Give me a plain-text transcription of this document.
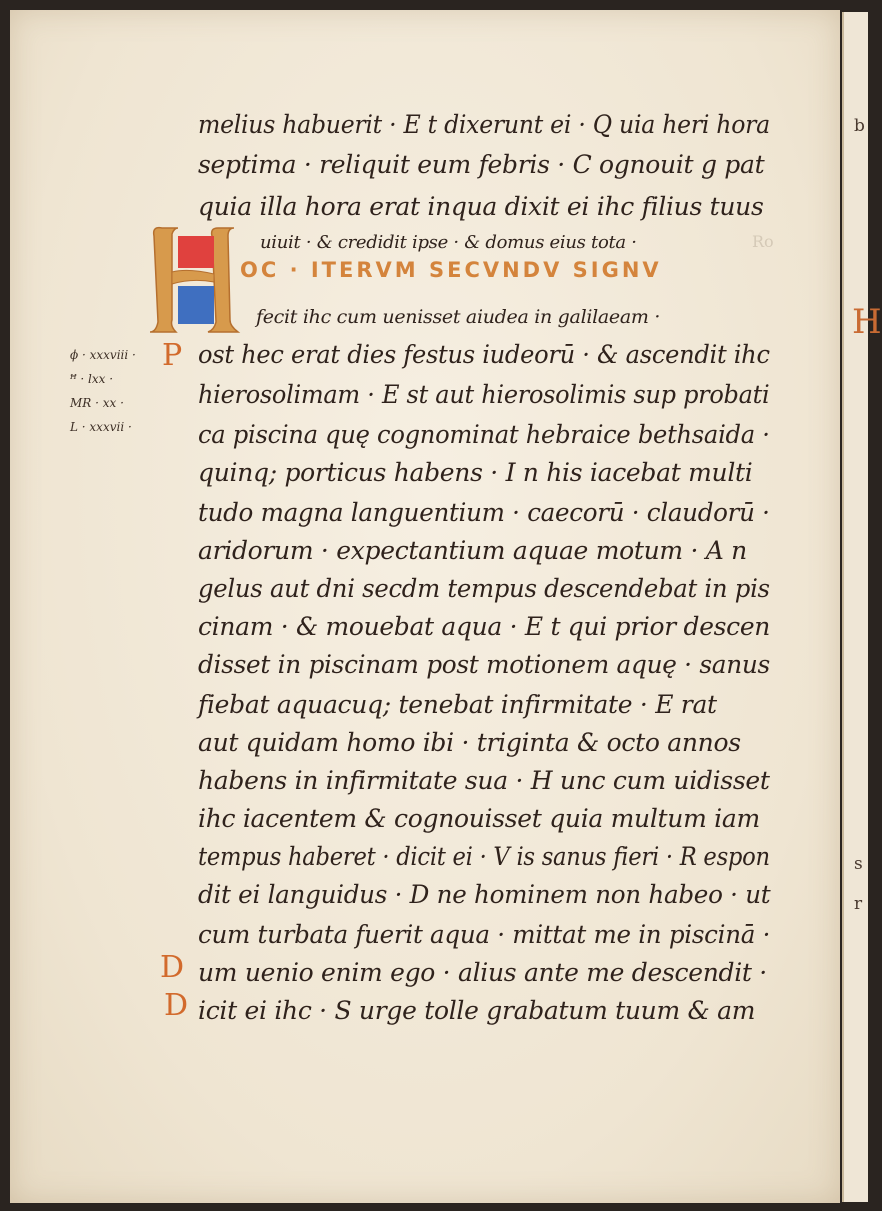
b
H
s
r
OC · ITERVM SECVNDV SIGNV
P
D
D
ϕ · xxxviii ·
ꟸ · lxx ·
MR · xx ·
L · xxxvii ·
Ro
melius habuerit · E t dixerunt ei · Q uia heri hora
septima · reliquit eum febris · C ognouit g pat
quia illa hora erat inqua dixit ei ihc filius tuus
uiuit · & credidit ipse · & domus eius tota ·
fecit ihc cum uenisset aiudea in galilaeam ·
ost hec erat dies festus iudeorū · & ascendit ihc
hierosolimam · E st aut hierosolimis sup probati
ca piscina quę cognominat hebraice bethsaida ·
quinq; porticus habens · I n his iacebat multi
tudo magna languentium · caecorū · claudorū ·
aridorum · expectantium aquae motum · A n
gelus aut dni secdm tempus descendebat in pis
cinam · & mouebat aqua · E t qui prior descen
disset in piscinam post motionem aquę · sanus
fiebat aquacuq; tenebat infirmitate · E rat
aut quidam homo ibi · triginta & octo annos
habens in infirmitate sua · H unc cum uidisset
ihc iacentem & cognouisset quia multum iam
tempus haberet · dicit ei · V is sanus fieri · R espon
dit ei languidus · D ne hominem non habeo · ut
cum turbata fuerit aqua · mittat me in piscinā ·
um uenio enim ego · alius ante me descendit ·
icit ei ihc · S urge tolle grabatum tuum & am
